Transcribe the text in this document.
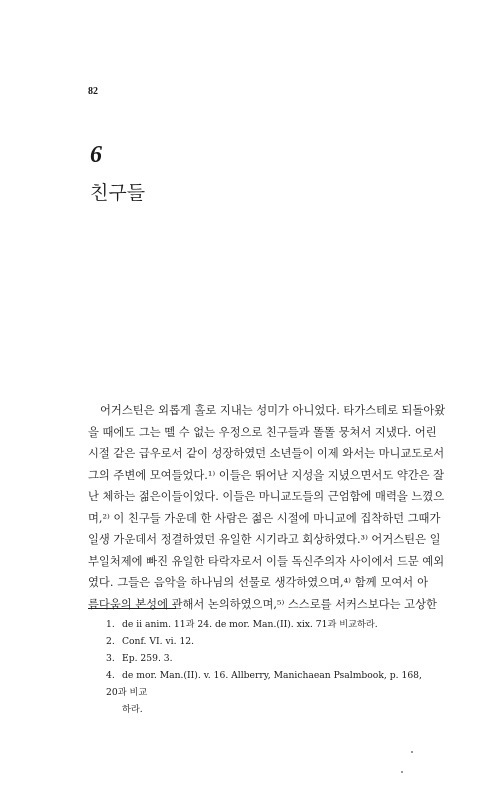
82
6
친구들
어거스틴은 외롭게 홀로 지내는 성미가 아니었다. 타가스테로 되돌아왔
을 때에도 그는 뗄 수 없는 우정으로 친구들과 똘똘 뭉쳐서 지냈다. 어린
시절 같은 급우로서 같이 성장하였던 소년들이 이제 와서는 마니교도로서
그의 주변에 모여들었다.¹⁾ 이들은 뛰어난 지성을 지녔으면서도 약간은 잘
난 체하는 젊은이들이었다. 이들은 마니교도들의 근엄함에 매력을 느꼈으
며,²⁾ 이 친구들 가운데 한 사람은 젊은 시절에 마니교에 집착하던 그때가
일생 가운데서 정결하였던 유일한 시기라고 회상하였다.³⁾ 어거스틴은 일
부일처제에 빠진 유일한 타락자로서 이들 독신주의자 사이에서 드문 예외
였다. 그들은 음악을 하나님의 선물로 생각하였으며,⁴⁾ 함께 모여서 아
름다움의 본성에 관해서 논의하였으며,⁵⁾ 스스로를 서커스보다는 고상한
1. de ii anim. 11과 24. de mor. Man.(II). xix. 71과 비교하라.
2. Conf. VI. vi. 12.
3. Ep. 259. 3.
4. de mor. Man.(II). v. 16. Allberry, Manichaean Psalmbook, p. 168, 20과 비교
하라.
